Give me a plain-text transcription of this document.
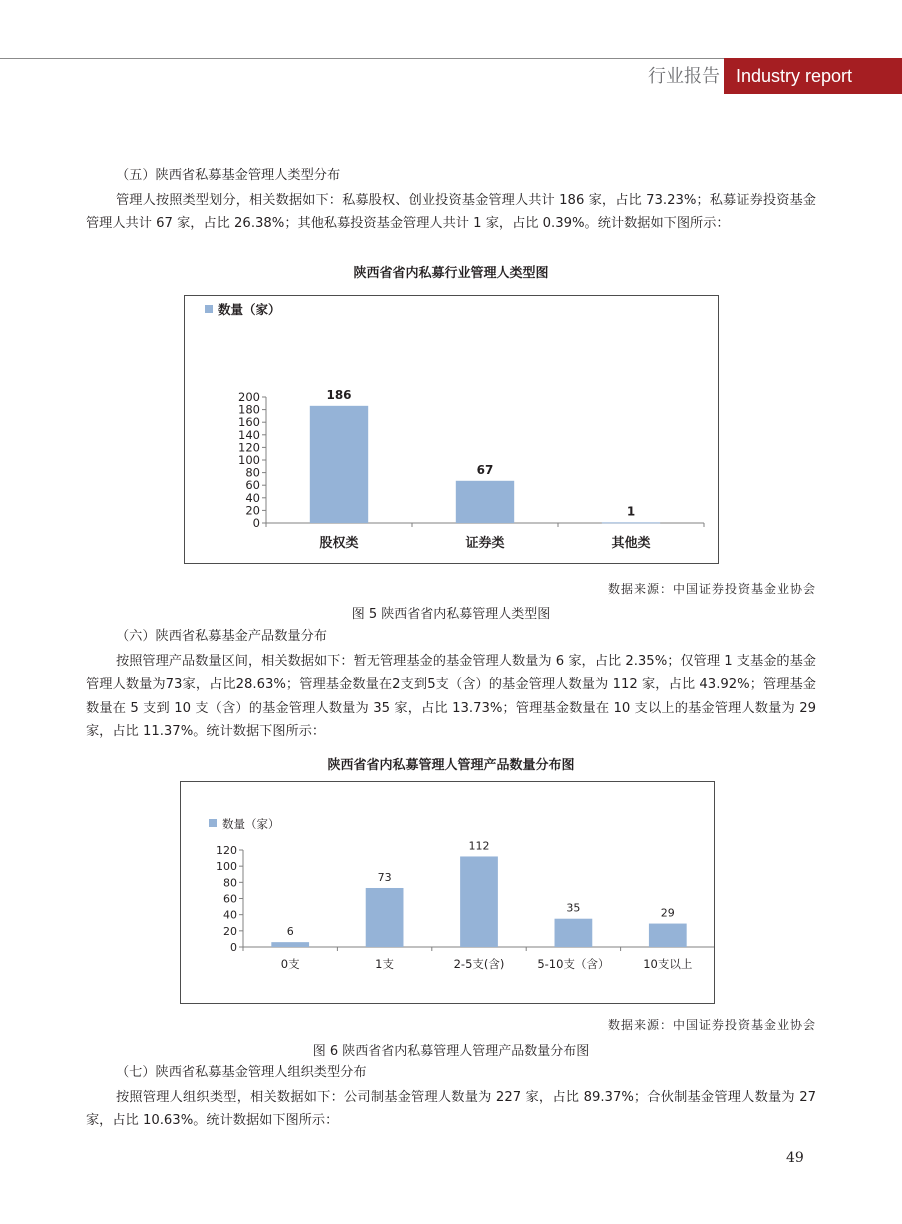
行业报告 Industry report
（五）陕西省私募基金管理人类型分布

管理人按照类型划分，相关数据如下：私募股权、创业投资基金管理人共计 186 家，占比 73.23%；私募证券投资基金管理人共计 67 家，占比 26.38%；其他私募投资基金管理人共计 1 家，占比 0.39%。统计数据如下图所示：

陕西省省内私募行业管理人类型图
数量（家）
0
20
40
60
80
100
120
140
160
180
200	186
股权类
67
证券类
1
其他类
数据来源：中国证券投资基金业协会
图 5 陕西省省内私募管理人类型图
（六）陕西省私募基金产品数量分布

按照管理产品数量区间，相关数据如下：暂无管理基金的基金管理人数量为 6 家，占比 2.35%；仅管理 1 支基金的基金管理人数量为73家，占比28.63%；管理基金数量在2支到5支（含）的基金管理人数量为 112 家，占比 43.92%；管理基金数量在 5 支到 10 支（含）的基金管理人数量为 35 家，占比 13.73%；管理基金数量在 10 支以上的基金管理人数量为 29 家，占比 11.37%。统计数据下图所示：

陕西省省内私募管理人管理产品数量分布图
数量（家）
0
20
40
60
80
100
120
6
0支
73
1支
112
2-5支(含)
35
5-10支（含）
29
10支以上
数据来源：中国证券投资基金业协会
图 6 陕西省省内私募管理人管理产品数量分布图
（七）陕西省私募基金管理人组织类型分布

按照管理人组织类型，相关数据如下：公司制基金管理人数量为 227 家，占比 89.37%；合伙制基金管理人数量为 27 家，占比 10.63%。统计数据如下图所示：

49
